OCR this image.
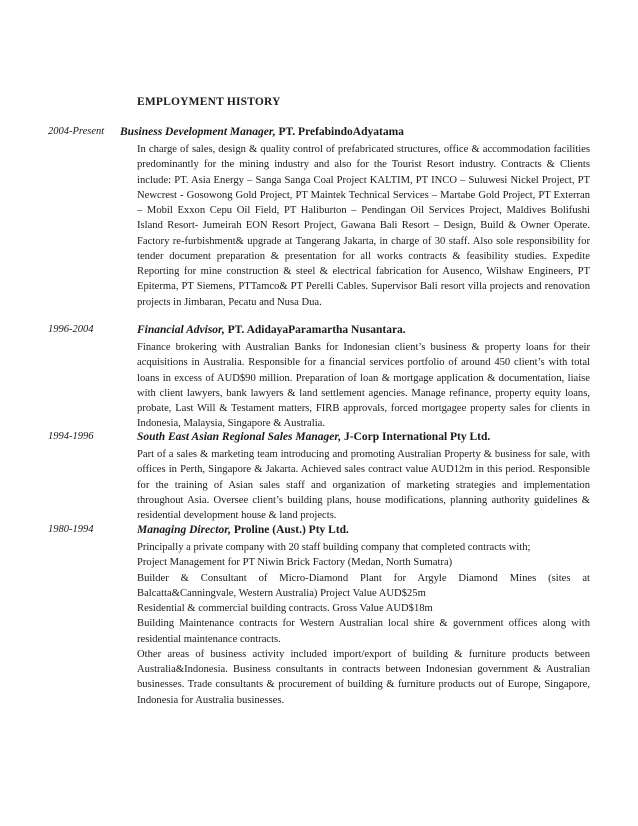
EMPLOYMENT HISTORY
2004-Present Business Development Manager, PT. PrefabindoAdyatama

In charge of sales, design & quality control of prefabricated structures, office & accommodation facilities predominantly for the mining industry and also for the Tourist Resort industry. Contracts & Clients include: PT. Asia Energy – Sanga Sanga Coal Project KALTIM, PT INCO – Suluwesi Nickel Project, PT Newcrest - Gosowong Gold Project, PT Maintek Technical Services – Martabe Gold Project, PT Exterran – Mobil Exxon Cepu Oil Field, PT Haliburton – Pendingan Oil Services Project, Maldives Bolifushi Island Resort- Jumeirah EON Resort Project, Gawana Bali Resort – Design, Build & Owner Operate. Factory re-furbishment& upgrade at Tangerang Jakarta, in charge of 30 staff. Also sole responsibility for tender document preparation & presentation for all works contracts & feasibility studies. Expedite Reporting for mine construction & steel & electrical fabrication for Ausenco, Wilshaw Engineers, PT Epiterma, PT Siemens, PTTamco& PT Perelli Cables. Supervisor Bali resort villa projects and renovation projects in Jimbaran, Pecatu and Nusa Dua.

1996-2004	Financial Advisor, PT. AdidayaParamartha Nusantara.

Finance brokering with Australian Banks for Indonesian client’s business & property loans for their acquisitions in Australia. Responsible for a financial services portfolio of around 450 client’s with total loans in excess of AUD$90 million. Preparation of loan & mortgage application & documentation, liaise with client lawyers, bank lawyers & land settlement agencies. Manage refinance, property equity loans, probate, Last Will & Testament matters, FIRB approvals, forced mortgagee property sales for clients in Indonesia, Malaysia, Singapore & Australia.

1994-1996	South East Asian Regional Sales Manager, J-Corp International Pty Ltd.

Part of a sales & marketing team introducing and promoting Australian Property & business for sale, with offices in Perth, Singapore & Jakarta. Achieved sales contract value AUD12m in this period. Responsible for the training of Asian sales staff and organization of marketing strategies and implementation throughout Asia. Oversee client’s building plans, house modifications, planning authority guidelines & residential development house & land projects.

1980-1994	Managing Director, Proline (Aust.) Pty Ltd.

Principally a private company with 20 staff building company that completed contracts with;

Project Management for PT Niwin Brick Factory (Medan, North Sumatra)

Builder & Consultant of Micro-Diamond Plant for Argyle Diamond Mines (sites at Balcatta&Canningvale, Western Australia) Project Value AUD$25m

Residential & commercial building contracts. Gross Value AUD$18m

Building Maintenance contracts for Western Australian local shire & government offices along with residential maintenance contracts.

Other areas of business activity included import/export of building & furniture products between Australia&Indonesia. Business consultants in contracts between Indonesian government & Australian businesses. Trade consultants & procurement of building & furniture products out of Europe, Singapore, Indonesia for Australia businesses.
